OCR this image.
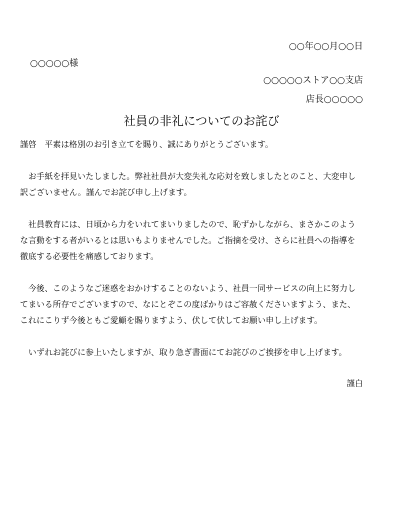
○○年○○月○○日
○○○○○様
○○○○○ストア○○支店
店長○○○○○
社員の非礼についてのお詫び

謹啓　平素は格別のお引き立てを賜り、誠にありがとうございます。

お手紙を拝見いたしました。弊社社員が大変失礼な応対を致しましたとのこと、大変申し

訳ございません。謹んでお詫び申し上げます。

社員教育には、日頃から力をいれてまいりましたので、恥ずかしながら、まさかこのよう

な言動をする者がいるとは思いもよりませんでした。ご指摘を受け、さらに社員への指導を

徹底する必要性を痛感しております。

今後、このようなご迷惑をおかけすることのないよう、社員一同サービスの向上に努力し

てまいる所存でございますので、なにとぞこの度ばかりはご容赦くださいますよう、また、

これにこりず今後ともご愛顧を賜りますよう、伏して伏してお願い申し上げます。

いずれお詫びに参上いたしますが、取り急ぎ書面にてお詫びのご挨拶を申し上げます。

謹白
